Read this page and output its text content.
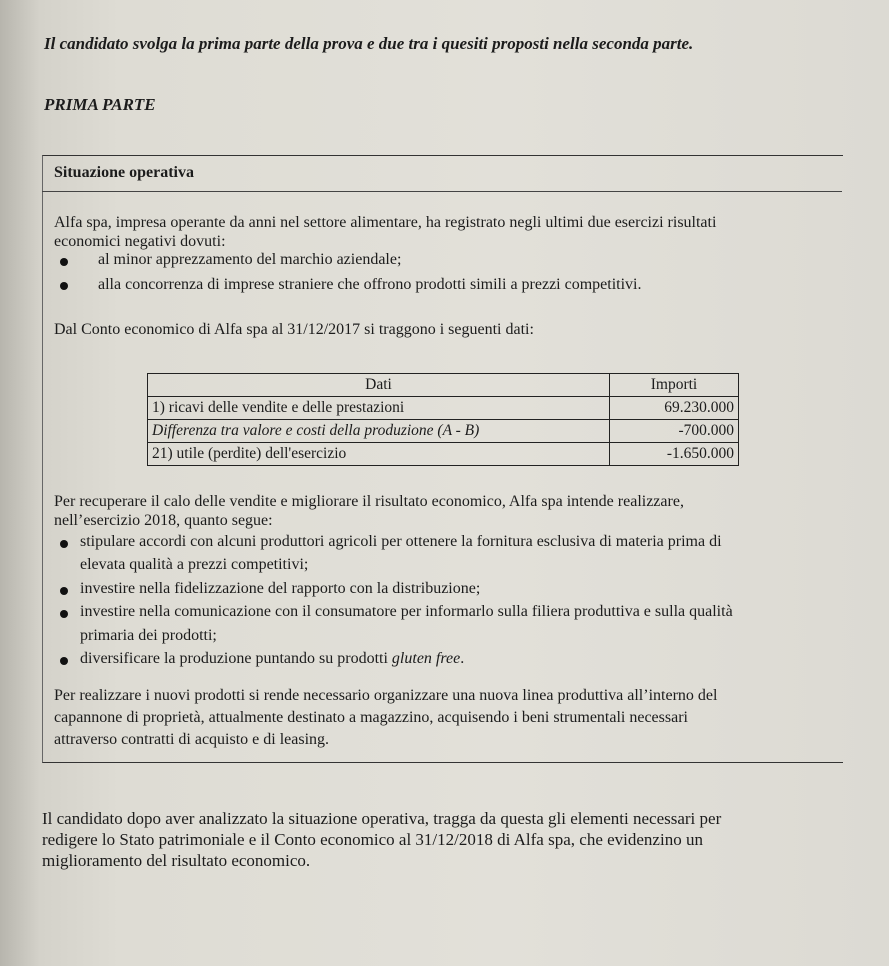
Il candidato svolga la prima parte della prova e due tra i quesiti proposti nella seconda parte.
PRIMA PARTE
Situazione operativa
Alfa spa, impresa operante da anni nel settore alimentare, ha registrato negli ultimi due esercizi risultati
economici negativi dovuti:
al minor apprezzamento del marchio aziendale;
alla concorrenza di imprese straniere che offrono prodotti simili a prezzi competitivi.
Dal Conto economico di Alfa spa al 31/12/2017 si traggono i seguenti dati:
Dati	Importi
1) ricavi delle vendite e delle prestazioni	69.230.000
Differenza tra valore e costi della produzione (A - B)	-700.000
21) utile (perdite) dell'esercizio	-1.650.000
Per recuperare il calo delle vendite e migliorare il risultato economico, Alfa spa intende realizzare,
nell’esercizio 2018, quanto segue:
stipulare accordi con alcuni produttori agricoli per ottenere la fornitura esclusiva di materia prima di
elevata qualità a prezzi competitivi;
investire nella fidelizzazione del rapporto con la distribuzione;
investire nella comunicazione con il consumatore per informarlo sulla filiera produttiva e sulla qualità
primaria dei prodotti;
diversificare la produzione puntando su prodotti gluten free.
Per realizzare i nuovi prodotti si rende necessario organizzare una nuova linea produttiva all’interno del
capannone di proprietà, attualmente destinato a magazzino, acquisendo i beni strumentali necessari
attraverso contratti di acquisto e di leasing.
Il candidato dopo aver analizzato la situazione operativa, tragga da questa gli elementi necessari per
redigere lo Stato patrimoniale e il Conto economico al 31/12/2018 di Alfa spa, che evidenzino un
miglioramento del risultato economico.
